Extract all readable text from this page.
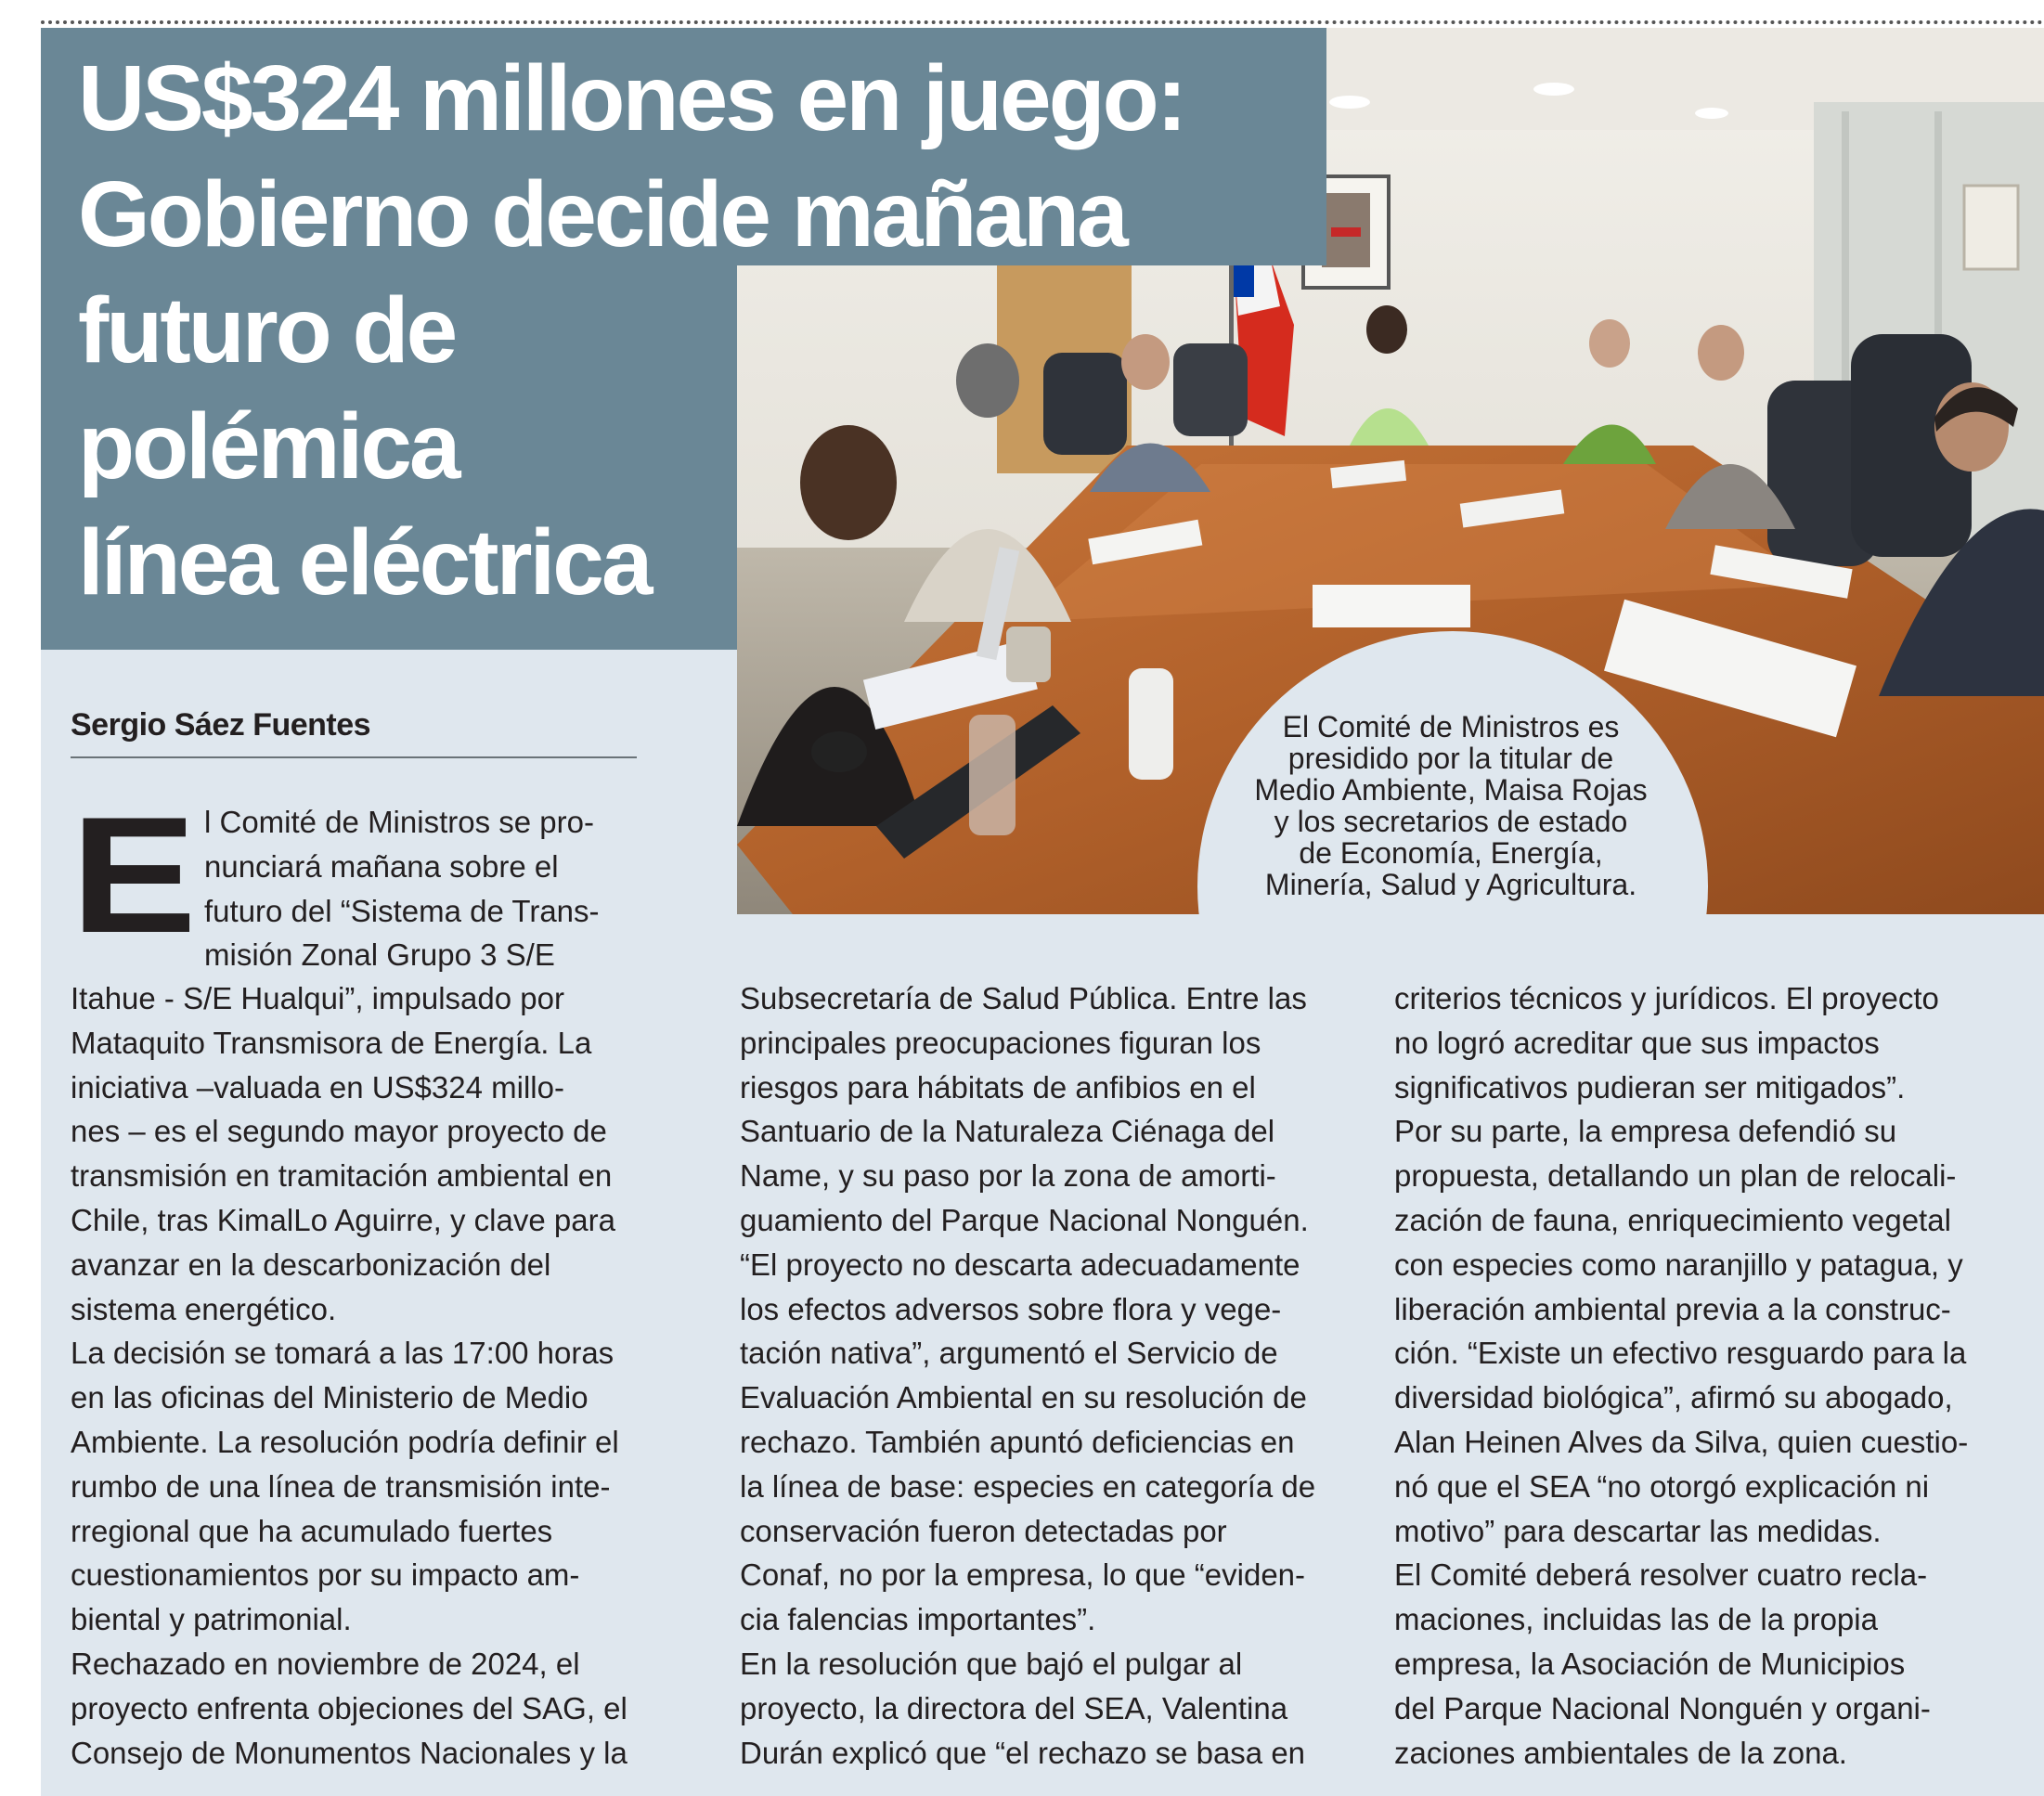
US$324 millones en juego:
Gobierno decide mañana
futuro de
polémica
línea eléctrica
Sergio Sáez Fuentes
E l Comité de Ministros se pro-

nunciará mañana sobre el

futuro del “Sistema de Trans-

misión Zonal Grupo 3 S/E

El Comité de Ministros es
presidido por la titular de
Medio Ambiente, Maisa Rojas
y los secretarios de estado
de Economía, Energía,
Minería, Salud y Agricultura.

Itahue - S/E Hualqui”, impulsado por

Mataquito Transmisora de Energía. La

iniciativa –valuada en US$324 millo-

nes – es el segundo mayor proyecto de

transmisión en tramitación ambiental en

Chile, tras KimalLo Aguirre, y clave para

avanzar en la descarbonización del

sistema energético.

La decisión se tomará a las 17:00 horas

en las oficinas del Ministerio de Medio

Ambiente. La resolución podría definir el

rumbo de una línea de transmisión inte-

rregional que ha acumulado fuertes

cuestionamientos por su impacto am-

biental y patrimonial.

Rechazado en noviembre de 2024, el

proyecto enfrenta objeciones del SAG, el

Consejo de Monumentos Nacionales y la

Subsecretaría de Salud Pública. Entre las

principales preocupaciones figuran los

riesgos para hábitats de anfibios en el

Santuario de la Naturaleza Ciénaga del

Name, y su paso por la zona de amorti-

guamiento del Parque Nacional Nonguén.

“El proyecto no descarta adecuadamente

los efectos adversos sobre flora y vege-

tación nativa”, argumentó el Servicio de

Evaluación Ambiental en su resolución de

rechazo. También apuntó deficiencias en

la línea de base: especies en categoría de

conservación fueron detectadas por

Conaf, no por la empresa, lo que “eviden-

cia falencias importantes”.

En la resolución que bajó el pulgar al

proyecto, la directora del SEA, Valentina

Durán explicó que “el rechazo se basa en

criterios técnicos y jurídicos. El proyecto

no logró acreditar que sus impactos

significativos pudieran ser mitigados”.

Por su parte, la empresa defendió su

propuesta, detallando un plan de relocali-

zación de fauna, enriquecimiento vegetal

con especies como naranjillo y patagua, y

liberación ambiental previa a la construc-

ción. “Existe un efectivo resguardo para la

diversidad biológica”, afirmó su abogado,

Alan Heinen Alves da Silva, quien cuestio-

nó que el SEA “no otorgó explicación ni

motivo” para descartar las medidas.

El Comité deberá resolver cuatro recla-

maciones, incluidas las de la propia

empresa, la Asociación de Municipios

del Parque Nacional Nonguén y organi-

zaciones ambientales de la zona.
